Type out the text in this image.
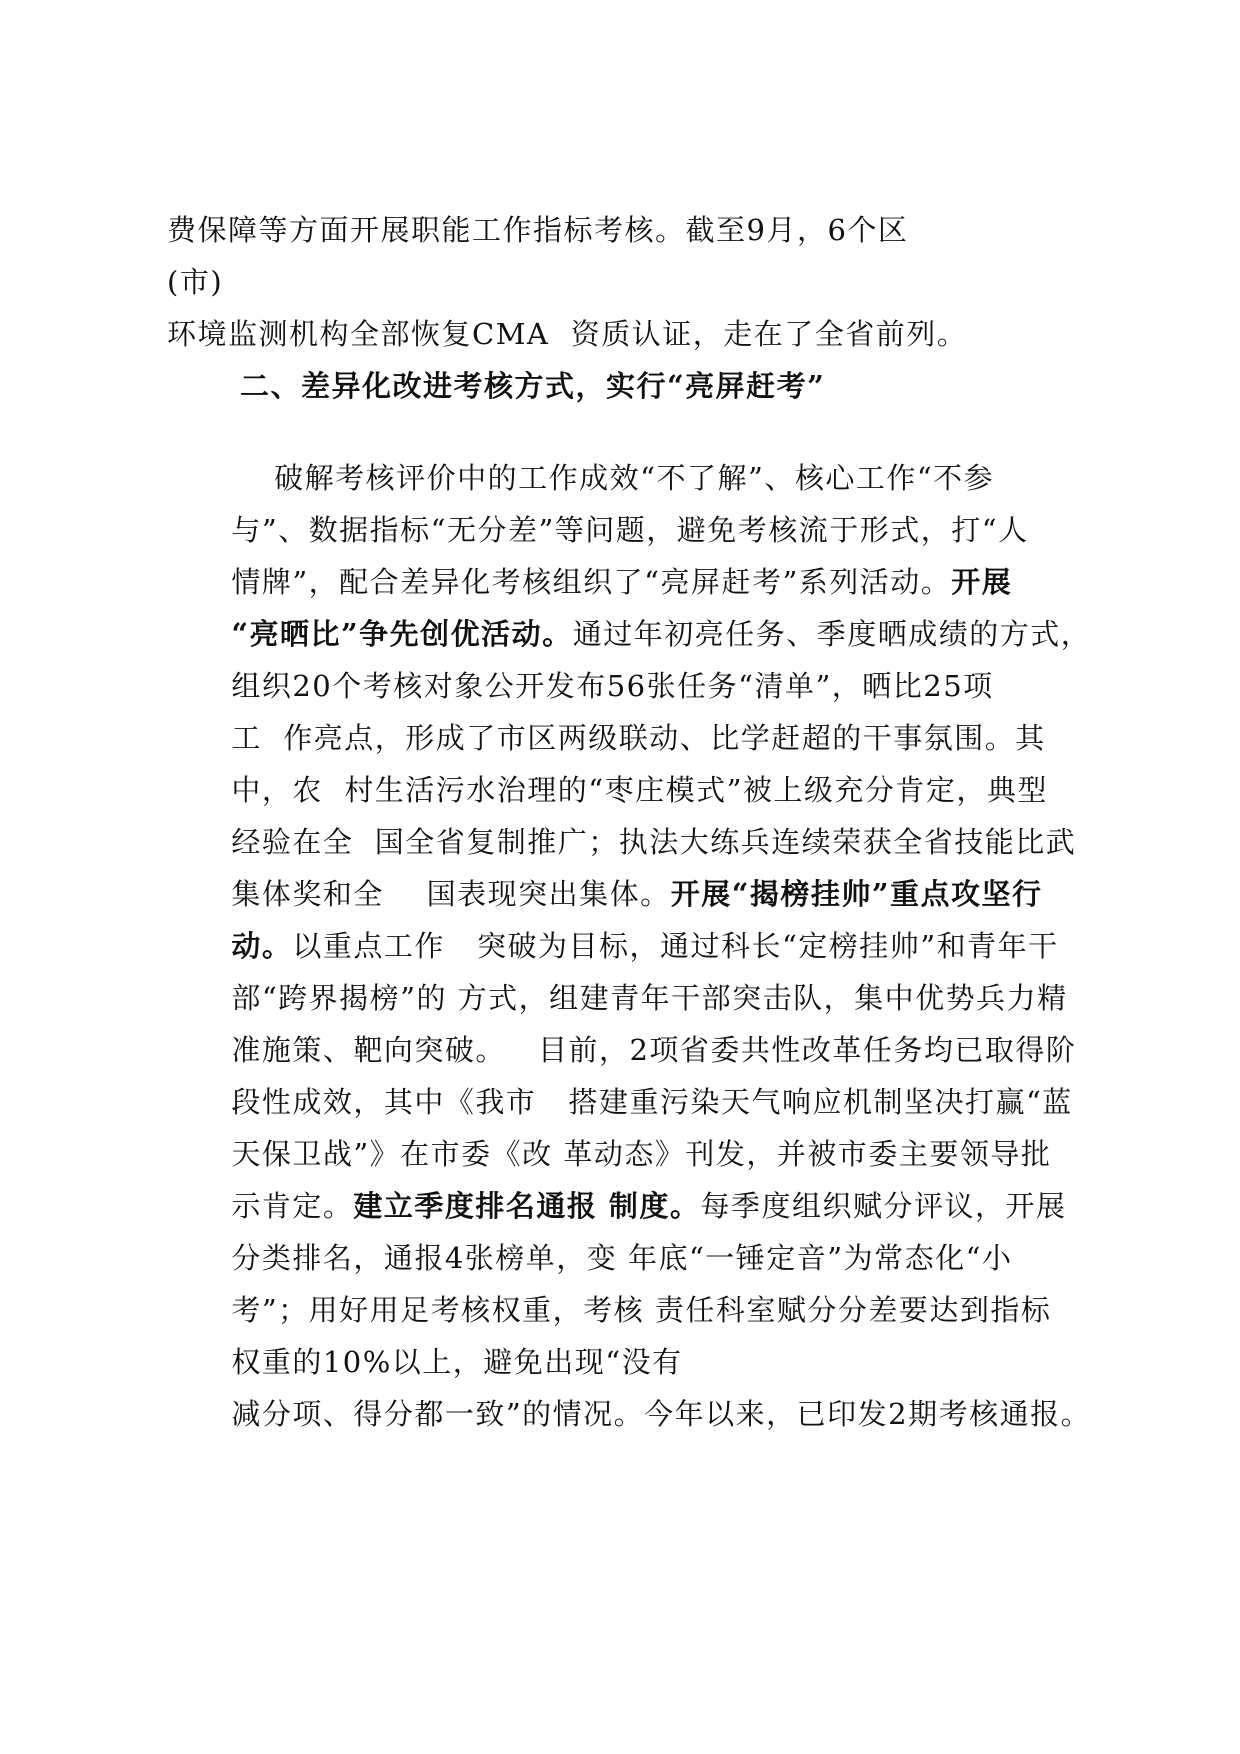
费保障等方面开展职能工作指标考核。截至9月，6个区
(市)
环境监测机构全部恢复CMA  资质认证，走在了全省前列。
二、差异化改进考核方式，实行“亮屏赶考”

破解考核评价中的工作成效“不了解”、核心工作“不参

与”、数据指标“无分差”等问题，避免考核流于形式，打“人

情牌”，配合差异化考核组织了“亮屏赶考”系列活动。开展

“亮晒比”争先创优活动。通过年初亮任务、季度晒成绩的方式，

组织20个考核对象公开发布56张任务“清单”，晒比25项

工  作亮点，形成了市区两级联动、比学赶超的干事氛围。其

中，农  村生活污水治理的“枣庄模式”被上级充分肯定，典型

经验在全  国全省复制推广；执法大练兵连续荣获全省技能比武

集体奖和全    国表现突出集体。开展“揭榜挂帅”重点攻坚行

动。以重点工作   突破为目标，通过科长“定榜挂帅”和青年干

部“跨界揭榜”的 方式，组建青年干部突击队，集中优势兵力精

准施策、靶向突破。   目前，2项省委共性改革任务均已取得阶

段性成效，其中《我市   搭建重污染天气响应机制坚决打赢“蓝

天保卫战”》在市委《改 革动态》刊发，并被市委主要领导批

示肯定。建立季度排名通报 制度。每季度组织赋分评议，开展

分类排名，通报4张榜单，变 年底“一锤定音”为常态化“小

考”；用好用足考核权重，考核 责任科室赋分分差要达到指标

权重的10%以上，避免出现“没有

减分项、得分都一致”的情况。今年以来，已印发2期考核通报。
